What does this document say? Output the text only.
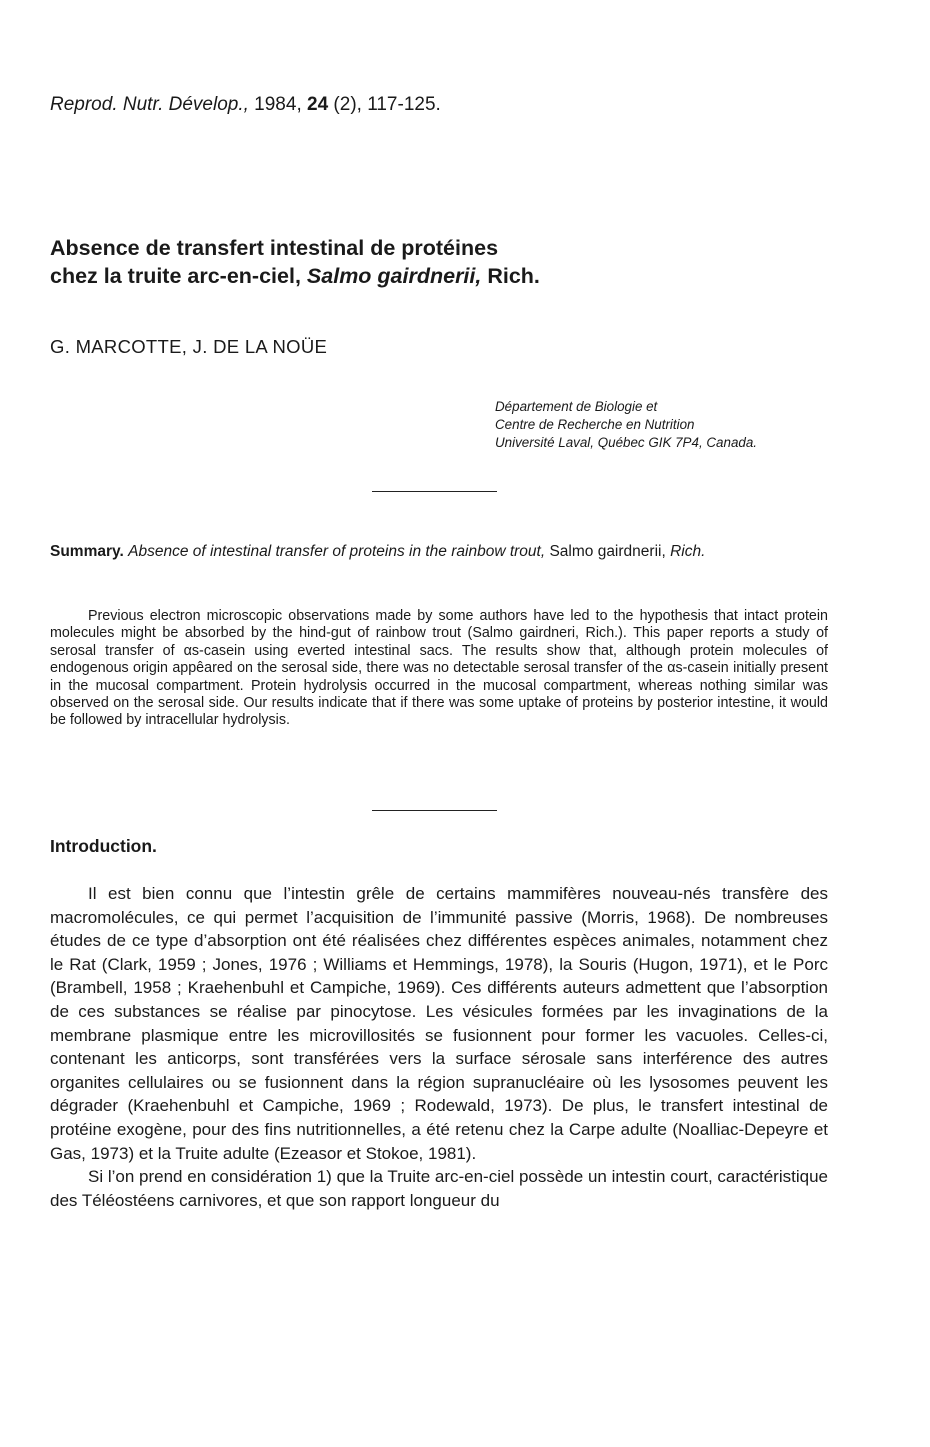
Reprod. Nutr. Dévelop., 1984, 24 (2), 117-125.
Absence de transfert intestinal de protéines
chez la truite arc-en-ciel, Salmo gairdnerii, Rich.
G. MARCOTTE, J. DE LA NOÜE
Département de Biologie et
Centre de Recherche en Nutrition
Université Laval, Québec GIK 7P4, Canada.
Summary. Absence of intestinal transfer of proteins in the rainbow trout, Salmo gairdnerii, Rich.
Previous electron microscopic observations made by some authors have led to the hypothesis that intact protein molecules might be absorbed by the hind-gut of rainbow trout (Salmo gairdneri, Rich.). This paper reports a study of serosal transfer of αs-casein using everted intestinal sacs. The results show that, although protein molecules of endogenous origin appêared on the serosal side, there was no detectable serosal transfer of the αs-casein initially present in the mucosal compartment. Protein hydrolysis occurred in the mucosal compartment, whereas nothing similar was observed on the serosal side. Our results indicate that if there was some uptake of proteins by posterior intestine, it would be followed by intracellular hydrolysis.
Introduction.

Il est bien connu que l’intestin grêle de certains mammifères nouveau-nés transfère des macromolécules, ce qui permet l’acquisition de l’immunité passive (Morris, 1968). De nombreuses études de ce type d’absorption ont été réalisées chez différentes espèces animales, notamment chez le Rat (Clark, 1959 ; Jones, 1976 ; Williams et Hemmings, 1978), la Souris (Hugon, 1971), et le Porc (Brambell, 1958 ; Kraehenbuhl et Campiche, 1969). Ces différents auteurs admettent que l’absorption de ces substances se réalise par pinocytose. Les vésicules formées par les invaginations de la membrane plasmique entre les microvillosités se fusionnent pour former les vacuoles. Celles-ci, contenant les anticorps, sont transférées vers la surface sérosale sans interférence des autres organites cellulaires ou se fusionnent dans la région supranucléaire où les lysosomes peuvent les dégrader (Kraehenbuhl et Campiche, 1969 ; Rodewald, 1973). De plus, le transfert intestinal de protéine exogène, pour des fins nutritionnelles, a été retenu chez la Carpe adulte (Noalliac-Depeyre et Gas, 1973) et la Truite adulte (Ezeasor et Stokoe, 1981).

Si l’on prend en considération 1) que la Truite arc-en-ciel possède un intestin court, caractéristique des Téléostéens carnivores, et que son rapport longueur du
